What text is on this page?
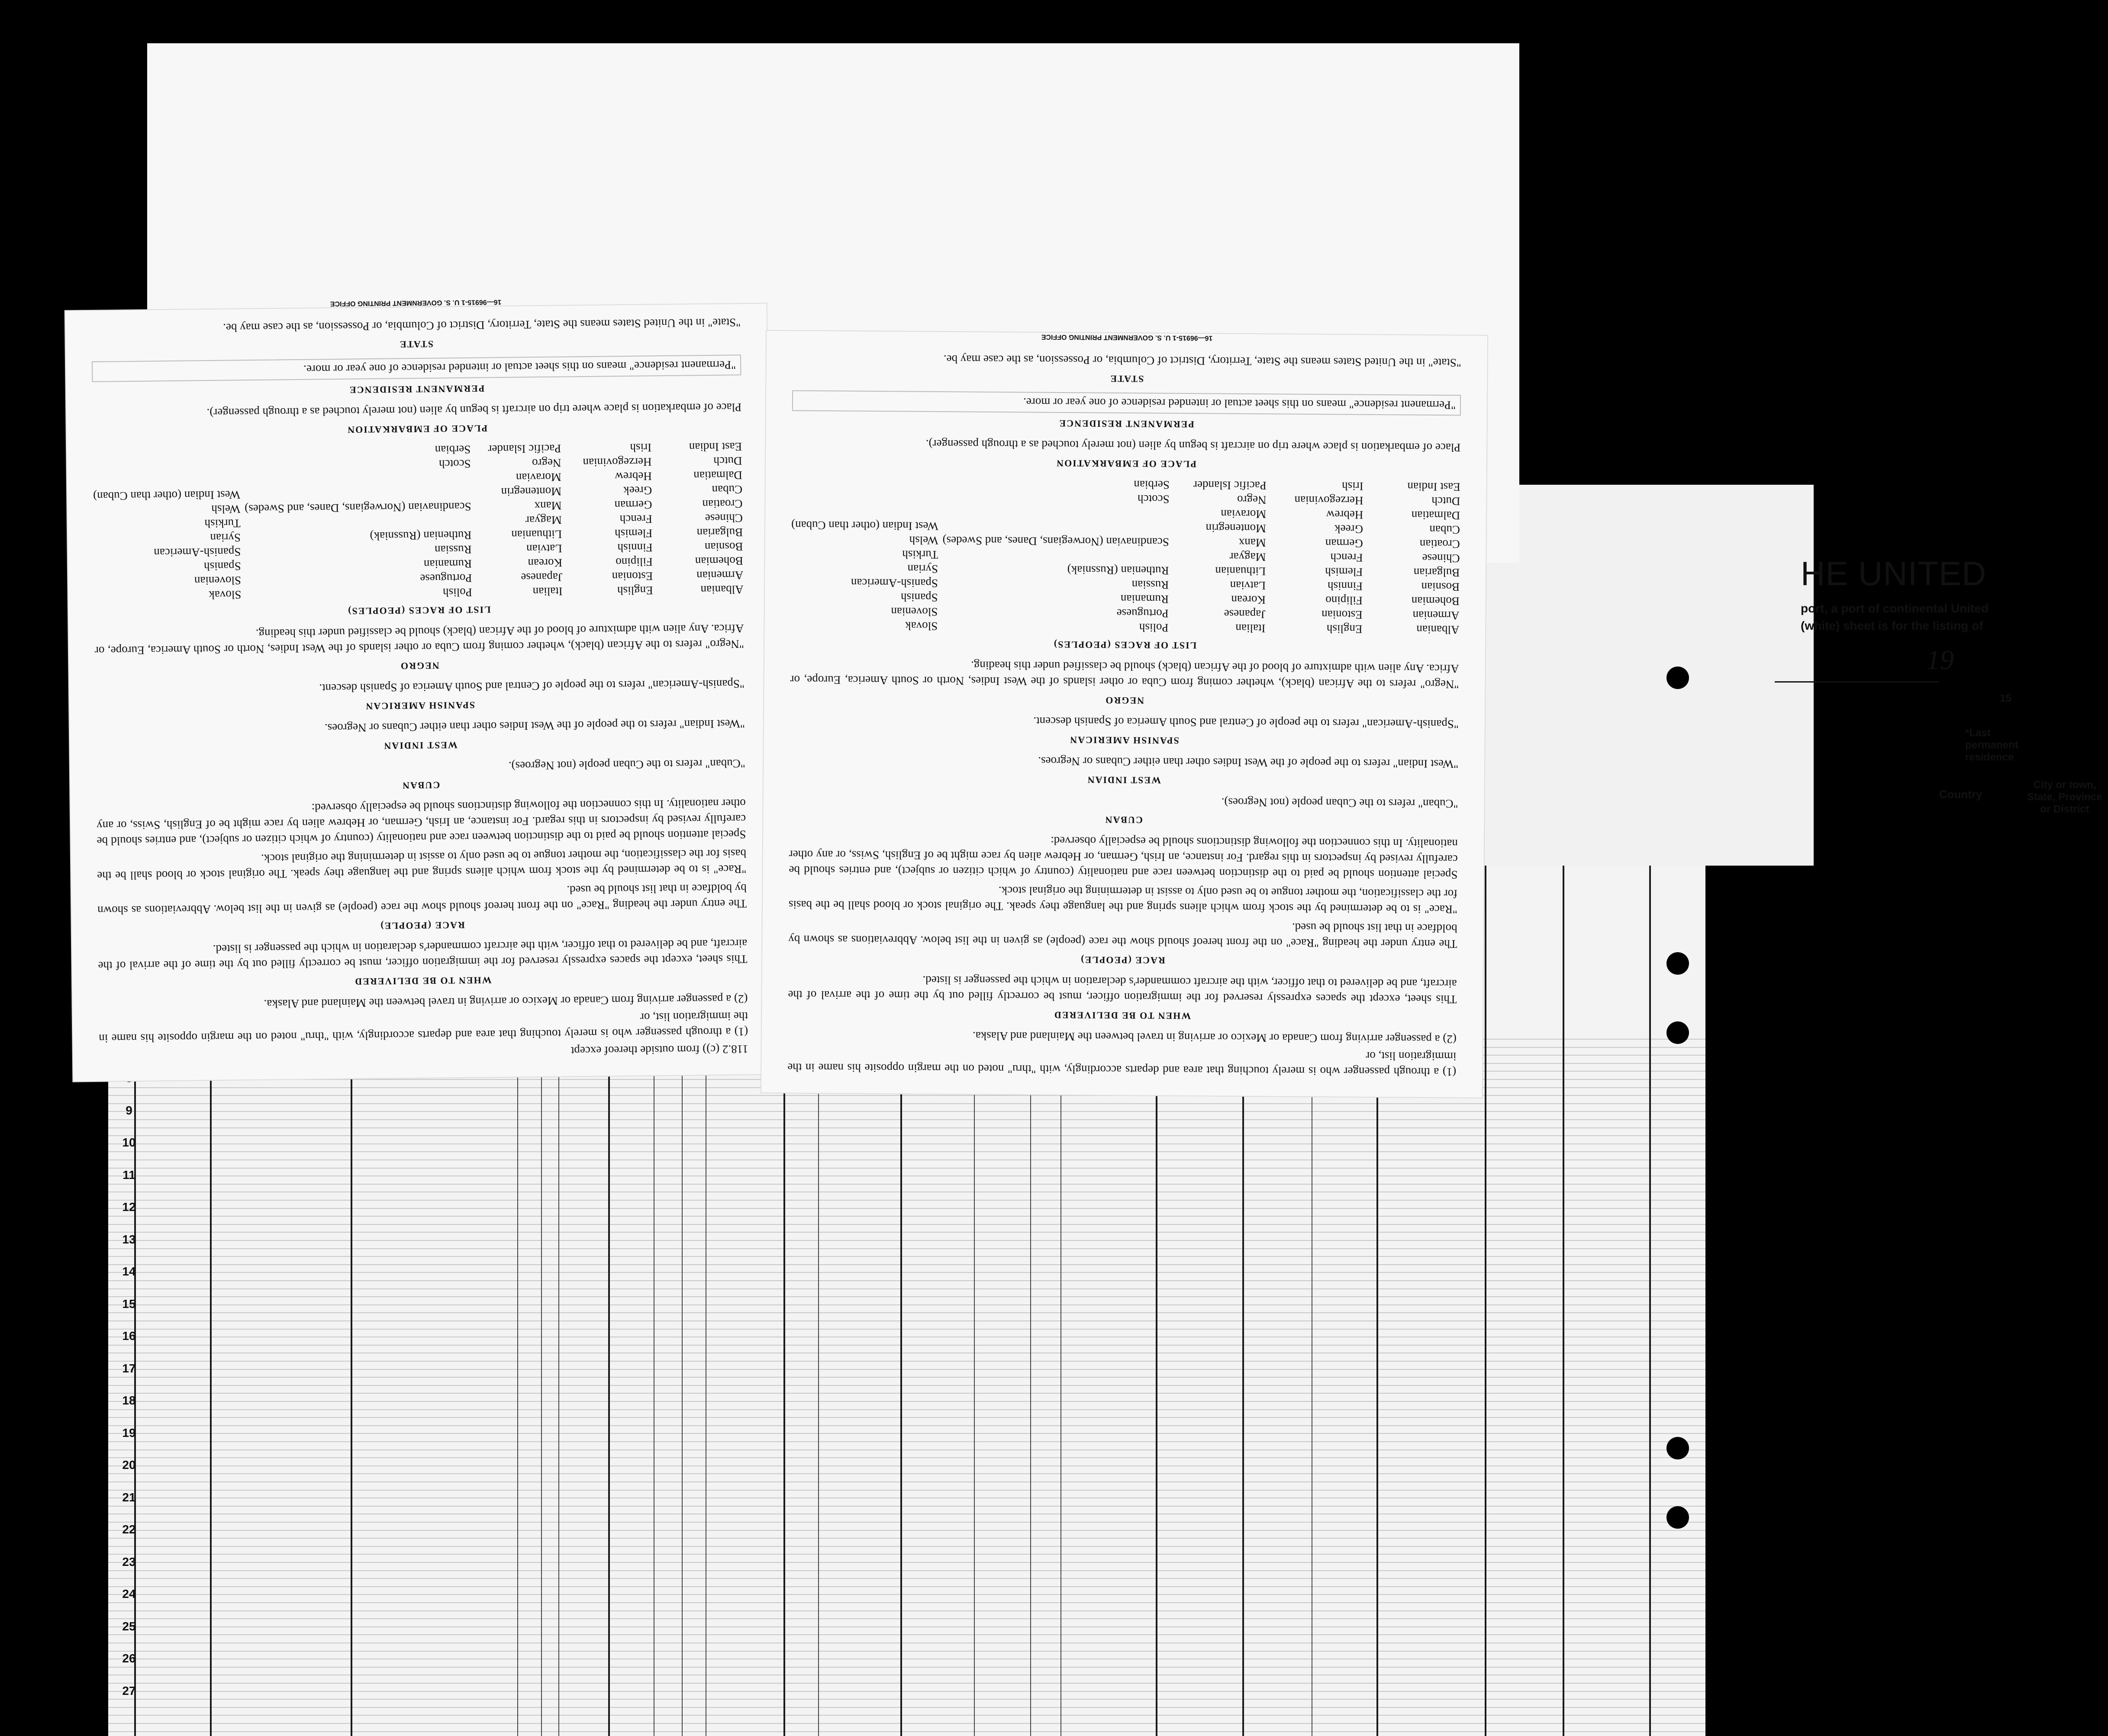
HE UNITED
port, a port of continental United
(white) sheet is for the listing of
19
15
*Last permanent residence
Country
City or town, State, Province or District
9
10
11
12
13
14
15
16
17
18
19
20
21
22
23
24
25
26
27

118.2 (c)) from outside thereof except

(1) a through passenger who is merely touching that area and departs accordingly, with "thru" noted on the margin opposite his name in the immigration list, or

(2) a passenger arriving from Canada or Mexico or arriving in travel between the Mainland and Alaska.

WHEN TO BE DELIVERED

This sheet, except the spaces expressly reserved for the immigration officer, must be correctly filled out by the time of the arrival of the aircraft, and be delivered to that officer, with the aircraft commander's declaration in which the passenger is listed.

RACE (PEOPLE)

The entry under the heading "Race" on the front hereof should show the race (people) as given in the list below. Abbreviations as shown by boldface in that list should be used.

"Race" is to be determined by the stock from which aliens spring and the language they speak. The original stock or blood shall be the basis for the classification, the mother tongue to be used only to assist in determining the original stock.

Special attention should be paid to the distinction between race and nationality (country of which citizen or subject), and entries should be carefully revised by inspectors in this regard. For instance, an Irish, German, or Hebrew alien by race might be of English, Swiss, or any other nationality. In this connection the following distinctions should be especially observed:

CUBAN

"Cuban" refers to the Cuban people (not Negroes).

WEST INDIAN

"West Indian" refers to the people of the West Indies other than either Cubans or Negroes.

SPANISH AMERICAN

"Spanish-American" refers to the people of Central and South America of Spanish descent.

NEGRO

"Negro" refers to the African (black), whether coming from Cuba or other islands of the West Indies, North or South America, Europe, or Africa. Any alien with admixture of blood of the African (black) should be classified under this heading.

LIST OF RACES (PEOPLES)
Albanian
English
Italian
Polish
Slovak
Armenian
Estonian
Japanese
Portuguese
Slovenian
Bohemian
Filipino
Korean
Rumanian
Spanish
Bosnian
Finnish
Latvian
Russian
Spanish-American
Bulgarian
Flemish
Lithuanian
Ruthenian (Russniak)
Syrian
Chinese
French
Magyar
Turkish
Croatian
German
Manx
Scandinavian (Norwegians, Danes, and Swedes)
Welsh
Cuban
Greek
Montenegrin
West Indian (other than Cuban)
Dalmatian
Hebrew
Moravian
Dutch
Herzegovinian
Negro
Scotch
East Indian
Irish
Pacific Islander
Serbian
PLACE OF EMBARKATION

Place of embarkation is place where trip on aircraft is begun by alien (not merely touched as a through passenger).

PERMANENT RESIDENCE

"Permanent residence" means on this sheet actual or intended residence of one year or more.

STATE

"State" in the United States means the State, Territory, District of Columbia, or Possession, as the case may be.

16—96915-1 U. S. GOVERNMENT PRINTING OFFICE

(1) a through passenger who is merely touching that area and departs accordingly, with "thru" noted on the margin opposite his name in the immigration list, or

(2) a passenger arriving from Canada or Mexico or arriving in travel between the Mainland and Alaska.

WHEN TO BE DELIVERED

This sheet, except the spaces expressly reserved for the immigration officer, must be correctly filled out by the time of the arrival of the aircraft, and be delivered to that officer, with the aircraft commander's declaration in which the passenger is listed.

RACE (PEOPLE)

The entry under the heading "Race" on the front hereof should show the race (people) as given in the list below. Abbreviations as shown by boldface in that list should be used.

"Race" is to be determined by the stock from which aliens spring and the language they speak. The original stock or blood shall be the basis for the classification, the mother tongue to be used only to assist in determining the original stock.

Special attention should be paid to the distinction between race and nationality (country of which citizen or subject), and entries should be carefully revised by inspectors in this regard. For instance, an Irish, German, or Hebrew alien by race might be of English, Swiss, or any other nationality. In this connection the following distinctions should be especially observed:

CUBAN

"Cuban" refers to the Cuban people (not Negroes).

WEST INDIAN

"West Indian" refers to the people of the West Indies other than either Cubans or Negroes.

SPANISH AMERICAN

"Spanish-American" refers to the people of Central and South America of Spanish descent.

NEGRO

"Negro" refers to the African (black), whether coming from Cuba or other islands of the West Indies, North or South America, Europe, or Africa. Any alien with admixture of blood of the African (black) should be classified under this heading.

LIST OF RACES (PEOPLES)
Albanian
English
Italian
Polish
Slovak
Armenian
Estonian
Japanese
Portuguese
Slovenian
Bohemian
Filipino
Korean
Rumanian
Spanish
Bosnian
Finnish
Latvian
Russian
Spanish-American
Bulgarian
Flemish
Lithuanian
Ruthenian (Russniak)
Syrian
Chinese
French
Magyar
Turkish
Croatian
German
Manx
Scandinavian (Norwegians, Danes, and Swedes)
Welsh
Cuban
Greek
Montenegrin
West Indian (other than Cuban)
Dalmatian
Hebrew
Moravian
Dutch
Herzegovinian
Negro
Scotch
East Indian
Irish
Pacific Islander
Serbian
PLACE OF EMBARKATION

Place of embarkation is place where trip on aircraft is begun by alien (not merely touched as a through passenger).

PERMANENT RESIDENCE

"Permanent residence" means on this sheet actual or intended residence of one year or more.

STATE

"State" in the United States means the State, Territory, District of Columbia, or Possession, as the case may be.

16—96915-1 U. S. GOVERNMENT PRINTING OFFICE
